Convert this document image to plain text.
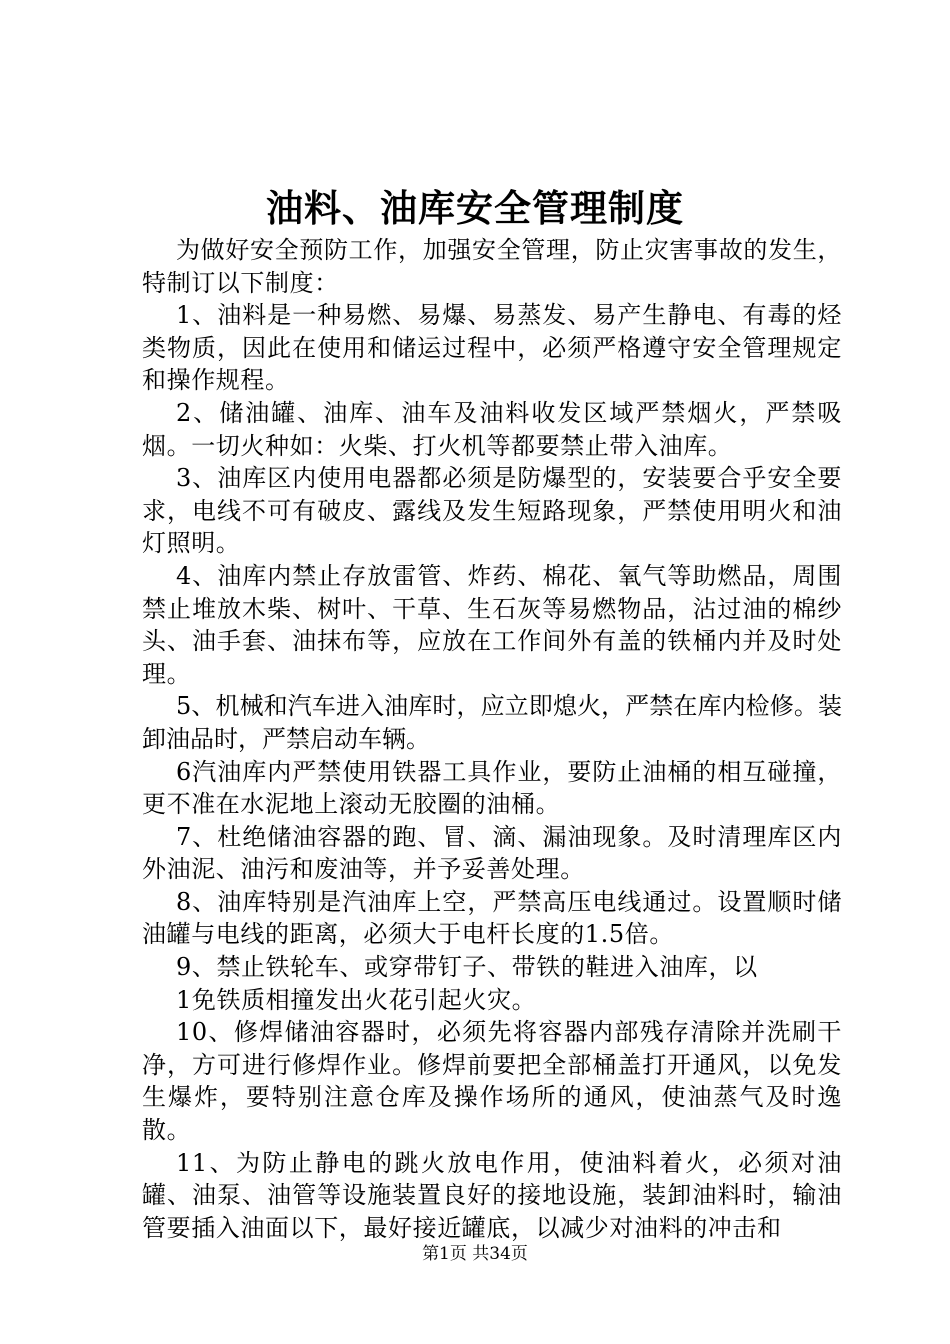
油料、油库安全管理制度

为做好安全预防工作，加强安全管理，防止灾害事故的发生，特制订以下制度：

1、油料是一种易燃、易爆、易蒸发、易产生静电、有毒的烃类物质，因此在使用和储运过程中，必须严格遵守安全管理规定和操作规程。

2、储油罐、油库、油车及油料收发区域严禁烟火，严禁吸烟。一切火种如：火柴、打火机等都要禁止带入油库。

3、油库区内使用电器都必须是防爆型的，安装要合乎安全要求，电线不可有破皮、露线及发生短路现象，严禁使用明火和油灯照明。

4、油库内禁止存放雷管、炸药、棉花、氧气等助燃品，周围禁止堆放木柴、树叶、干草、生石灰等易燃物品，沾过油的棉纱头、油手套、油抹布等，应放在工作间外有盖的铁桶内并及时处理。

5、机械和汽车进入油库时，应立即熄火，严禁在库内检修。装卸油品时，严禁启动车辆。

6汽油库内严禁使用铁器工具作业，要防止油桶的相互碰撞，更不准在水泥地上滚动无胶圈的油桶。

7、杜绝储油容器的跑、冒、滴、漏油现象。及时清理库区内外油泥、油污和废油等，并予妥善处理。

8、油库特别是汽油库上空，严禁高压电线通过。设置顺时储油罐与电线的距离，必须大于电杆长度的1.5倍。

9、禁止铁轮车、或穿带钉子、带铁的鞋进入油库，以

1免铁质相撞发出火花引起火灾。

10、修焊储油容器时，必须先将容器内部残存清除并洗刷干净，方可进行修焊作业。修焊前要把全部桶盖打开通风，以免发生爆炸，要特别注意仓库及操作场所的通风，使油蒸气及时逸散。

11、为防止静电的跳火放电作用，使油料着火，必须对油罐、油泵、油管等设施装置良好的接地设施，装卸油料时，输油管要插入油面以下，最好接近罐底，以减少对油料的冲击和

第1页 共34页
